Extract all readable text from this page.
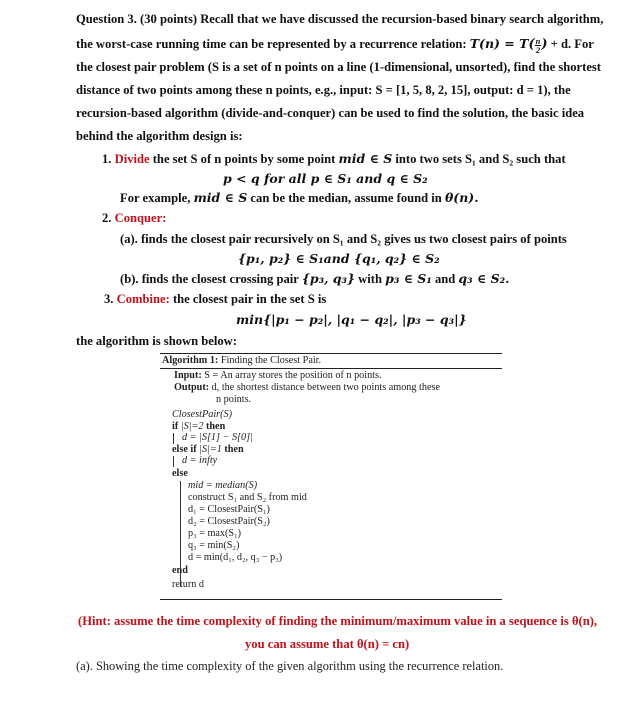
Question 3. (30 points) Recall that we have discussed the recursion-based binary search algorithm,
the worst-case running time can be represented by a recurrence relation: $T(n) = T( \frac{n}{2}$ ) + d. For
the closest pair problem (S is a set of n points on a line (1-dimensional, unsorted), find the shortest
distance of two points among these n points, e.g., input: S = [1, 5, 8, 2, 15], output: d = 1), the
recursion-based algorithm (divide-and-conquer) can be used to find the solution, the basic idea
behind the algorithm design is:
1. Divide the set S of n points by some point mid ∈ S into two sets S₁ and S₂ such that
p < q for all p ∈ S₁ and q ∈ S₂
For example, mid ∈ S can be the median, assume found in θ(n).
2. Conquer:
(a). finds the closest pair recursively on S₁ and S₂ gives us two closest pairs of points
{p₁, p₂} ∈ S₁and {q₁, q₂} ∈ S₂
(b). finds the closest crossing pair {p₃, q₃} with p₃ ∈ S₁ and q₃ ∈ S₂.
3. Combine: the closest pair in the set S is
min{|p₁ − p₂|, |q₁ − q₂|, |p₃ − q₃|}
the algorithm is shown below:
Algorithm 1: Finding the Closest Pair.
Input: S = An array stores the position of n points.
Output: d, the shortest distance between two points among these
n points.
ClosestPair(S)
if |S|=2 then
d = |S[1] − S[0]|
else if |S|=1 then
d = infty
else
mid = median(S)
construct S₁ and S₂ from mid
d₁ = ClosestPair(S₁)
d₂ = ClosestPair(S₂)
p₃ = max(S₁)
q₃ = min(S₂)
d = min(d₁, d₂, q₃ − p₃)
end
return d
(Hint: assume the time complexity of finding the minimum/maximum value in a sequence is θ(n),
you can assume that θ(n) = cn)
(a). Showing the time complexity of the given algorithm using the recurrence relation.
